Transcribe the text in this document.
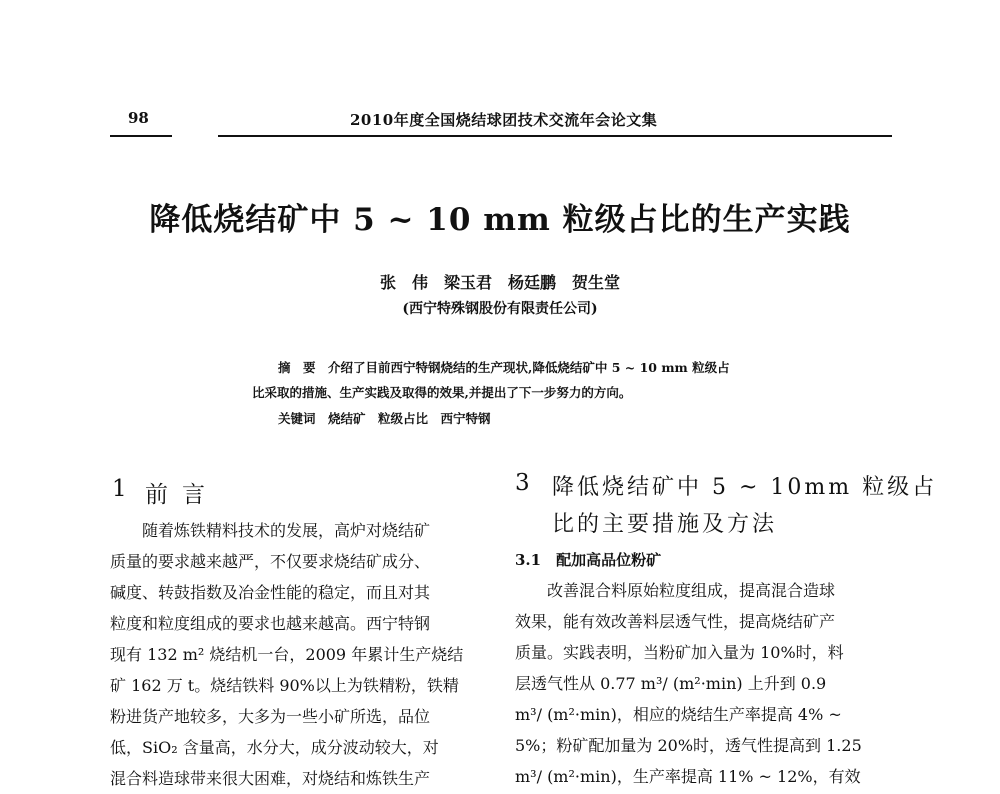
98	2010年度全国烧结球团技术交流年会论文集
降低烧结矿中 5 ~ 10 mm 粒级占比的生产实践
张　伟　梁玉君　杨廷鹏　贺生堂
(西宁特殊钢股份有限责任公司)
摘　要　介绍了目前西宁特钢烧结的生产现状,降低烧结矿中 5 ~ 10 mm 粒级占
比采取的措施、生产实践及取得的效果,并提出了下一步努力的方向。
关键词　烧结矿　粒级占比　西宁特钢
1 前言
随着炼铁精料技术的发展，高炉对烧结矿
质量的要求越来越严，不仅要求烧结矿成分、
碱度、转鼓指数及冶金性能的稳定，而且对其
粒度和粒度组成的要求也越来越高。西宁特钢
现有 132 m² 烧结机一台，2009 年累计生产烧结
矿 162 万 t。烧结铁料 90%以上为铁精粉，铁精
粉进货产地较多，大多为一些小矿所选，品位
低，SiO₂ 含量高，水分大，成分波动较大，对
混合料造球带来很大困难，对烧结和炼铁生产
3 降低烧结矿中 5 ~ 10mm 粒级占
比的主要措施及方法
3.1　配加高品位粉矿
改善混合料原始粒度组成，提高混合造球
效果，能有效改善料层透气性，提高烧结矿产
质量。实践表明，当粉矿加入量为 10%时，料
层透气性从 0.77 m³/ (m²·min) 上升到 0.9
m³/ (m²·min)，相应的烧结生产率提高 4% ~
5%；粉矿配加量为 20%时，透气性提高到 1.25
m³/ (m²·min)，生产率提高 11% ~ 12%，有效
